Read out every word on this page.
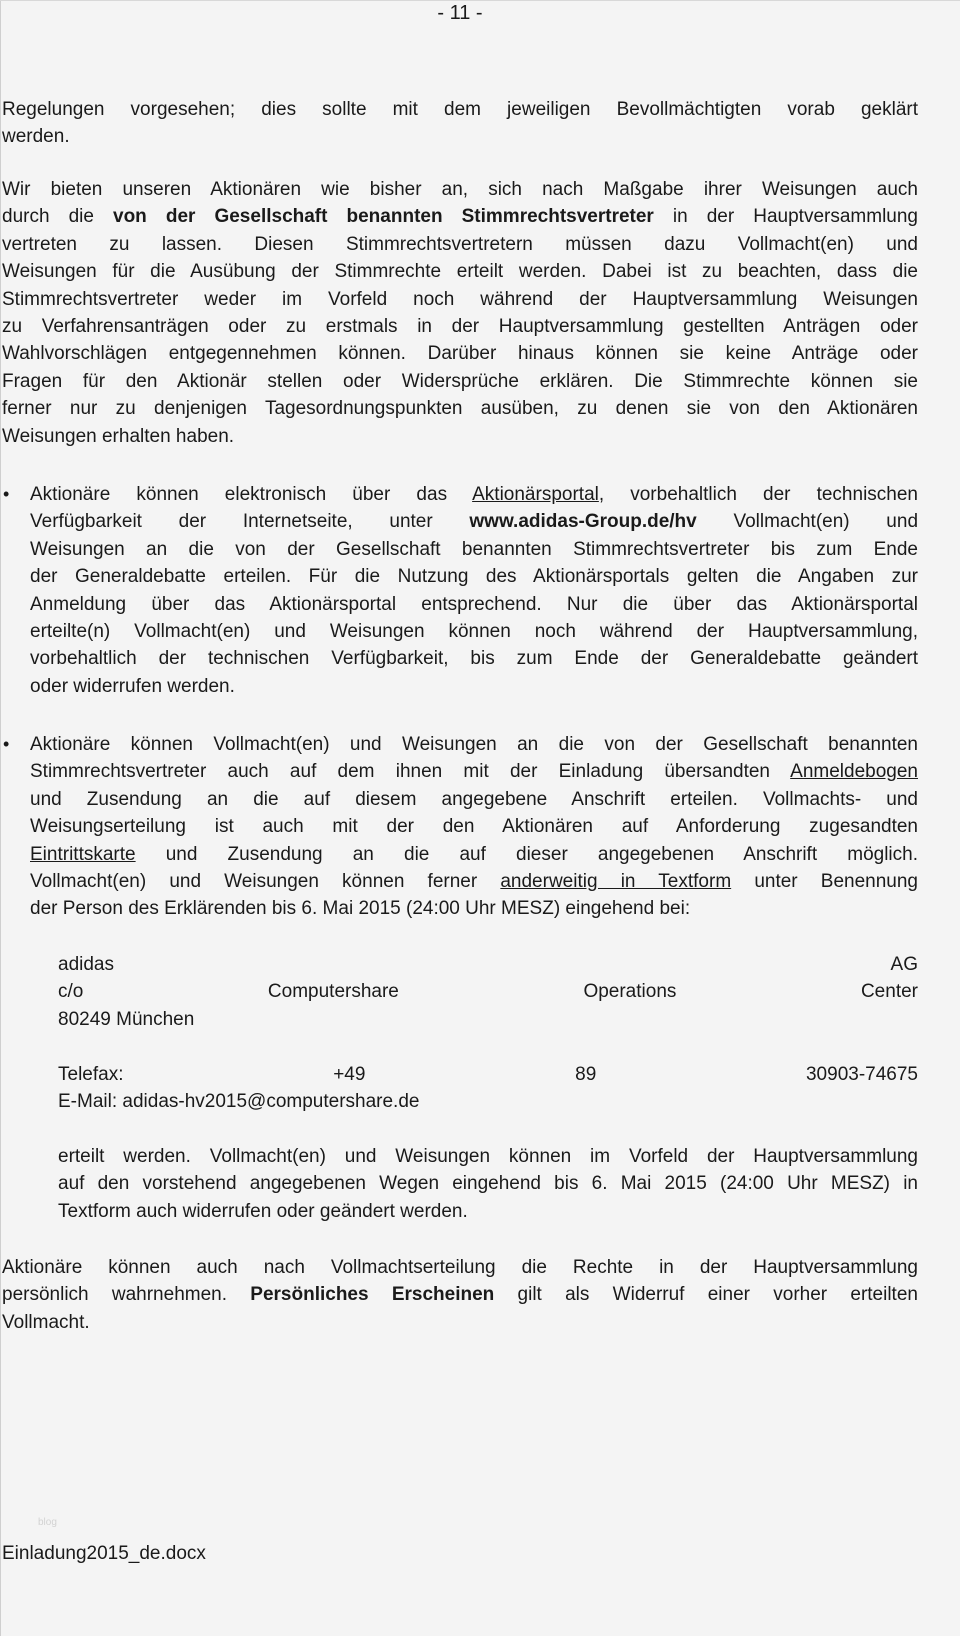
- 11 -
Regelungen vorgesehen; dies sollte mit dem jeweiligen Bevollmächtigten vorab geklärt
werden.
Wir bieten unseren Aktionären wie bisher an, sich nach Maßgabe ihrer Weisungen auch
durch die von der Gesellschaft benannten Stimmrechtsvertreter in der Hauptversammlung
vertreten zu lassen. Diesen Stimmrechtsvertretern müssen dazu Vollmacht(en) und
Weisungen für die Ausübung der Stimmrechte erteilt werden. Dabei ist zu beachten, dass die
Stimmrechtsvertreter weder im Vorfeld noch während der Hauptversammlung Weisungen
zu Verfahrensanträgen oder zu erstmals in der Hauptversammlung gestellten Anträgen oder
Wahlvorschlägen entgegennehmen können. Darüber hinaus können sie keine Anträge oder
Fragen für den Aktionär stellen oder Widersprüche erklären. Die Stimmrechte können sie
ferner nur zu denjenigen Tagesordnungspunkten ausüben, zu denen sie von den Aktionären
Weisungen erhalten haben.
• Aktionäre können elektronisch über das Aktionärsportal, vorbehaltlich der technischen
Verfügbarkeit der Internetseite, unter www.adidas-Group.de/hv Vollmacht(en) und
Weisungen an die von der Gesellschaft benannten Stimmrechtsvertreter bis zum Ende
der Generaldebatte erteilen. Für die Nutzung des Aktionärsportals gelten die Angaben zur
Anmeldung über das Aktionärsportal entsprechend. Nur die über das Aktionärsportal
erteilte(n) Vollmacht(en) und Weisungen können noch während der Hauptversammlung,
vorbehaltlich der technischen Verfügbarkeit, bis zum Ende der Generaldebatte geändert
oder widerrufen werden.
• Aktionäre können Vollmacht(en) und Weisungen an die von der Gesellschaft benannten
Stimmrechtsvertreter auch auf dem ihnen mit der Einladung übersandten Anmeldebogen
und Zusendung an die auf diesem angegebene Anschrift erteilen. Vollmachts- und
Weisungserteilung ist auch mit der den Aktionären auf Anforderung zugesandten
Eintrittskarte und Zusendung an die auf dieser angegebenen Anschrift möglich.
Vollmacht(en) und Weisungen können ferner anderweitig in Textform unter Benennung
der Person des Erklärenden bis 6. Mai 2015 (24:00 Uhr MESZ) eingehend bei:
adidas AG
c/o Computershare Operations Center
80249 München
Telefax: +49 89 30903-74675
E-Mail: adidas-hv2015@computershare.de
erteilt werden. Vollmacht(en) und Weisungen können im Vorfeld der Hauptversammlung
auf den vorstehend angegebenen Wegen eingehend bis 6. Mai 2015 (24:00 Uhr MESZ) in
Textform auch widerrufen oder geändert werden.
Aktionäre können auch nach Vollmachtserteilung die Rechte in der Hauptversammlung
persönlich wahrnehmen. Persönliches Erscheinen gilt als Widerruf einer vorher erteilten
Vollmacht.
blog
Einladung2015_de.docx
